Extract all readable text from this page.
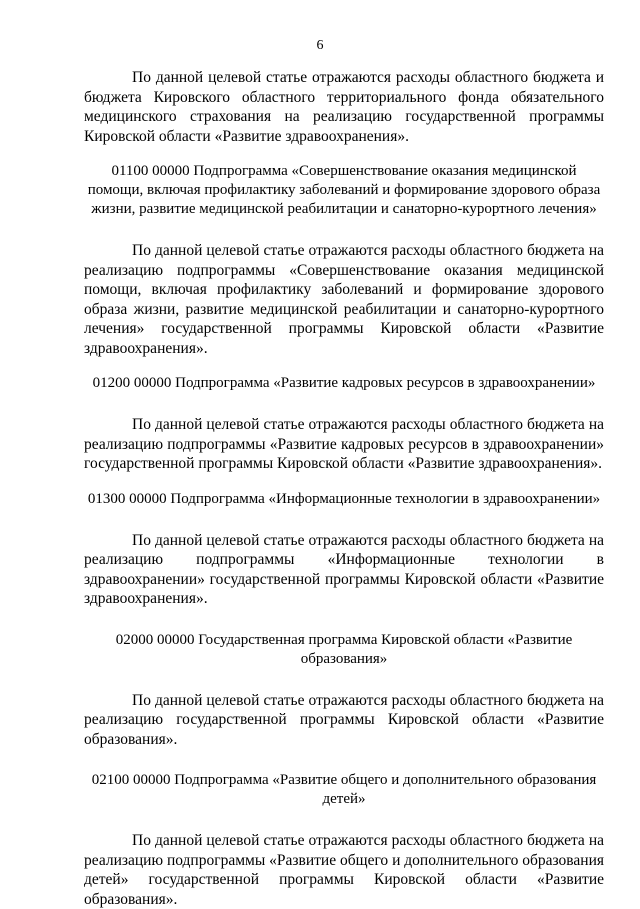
6

По данной целевой статье отражаются расходы областного бюджета и бюджета Кировского областного территориального фонда обязательного медицинского страхования на реализацию государственной программы Кировской области «Развитие здравоохранения».

01100 00000 Подпрограмма «Совершенствование оказания медицинской помощи, включая профилактику заболеваний и формирование здорового образа жизни, развитие медицинской реабилитации и санаторно-курортного лечения»

По данной целевой статье отражаются расходы областного бюджета на реализацию подпрограммы «Совершенствование оказания медицинской помощи, включая профилактику заболеваний и формирование здорового образа жизни, развитие медицинской реабилитации и санаторно-курортного лечения» государственной программы Кировской области «Развитие здравоохранения».

01200 00000 Подпрограмма «Развитие кадровых ресурсов в здравоохранении»

По данной целевой статье отражаются расходы областного бюджета на реализацию подпрограммы «Развитие кадровых ресурсов в здравоохранении» государственной программы Кировской области «Развитие здравоохранения».

01300 00000 Подпрограмма «Информационные технологии в здравоохранении»

По данной целевой статье отражаются расходы областного бюджета на реализацию подпрограммы «Информационные технологии в здравоохранении» государственной программы Кировской области «Развитие здравоохранения».

02000 00000 Государственная программа Кировской области «Развитие образования»

По данной целевой статье отражаются расходы областного бюджета на реализацию государственной программы Кировской области «Развитие образования».

02100 00000 Подпрограмма «Развитие общего и дополнительного образования детей»

По данной целевой статье отражаются расходы областного бюджета на реализацию подпрограммы «Развитие общего и дополнительного образования детей» государственной программы Кировской области «Развитие образования».
